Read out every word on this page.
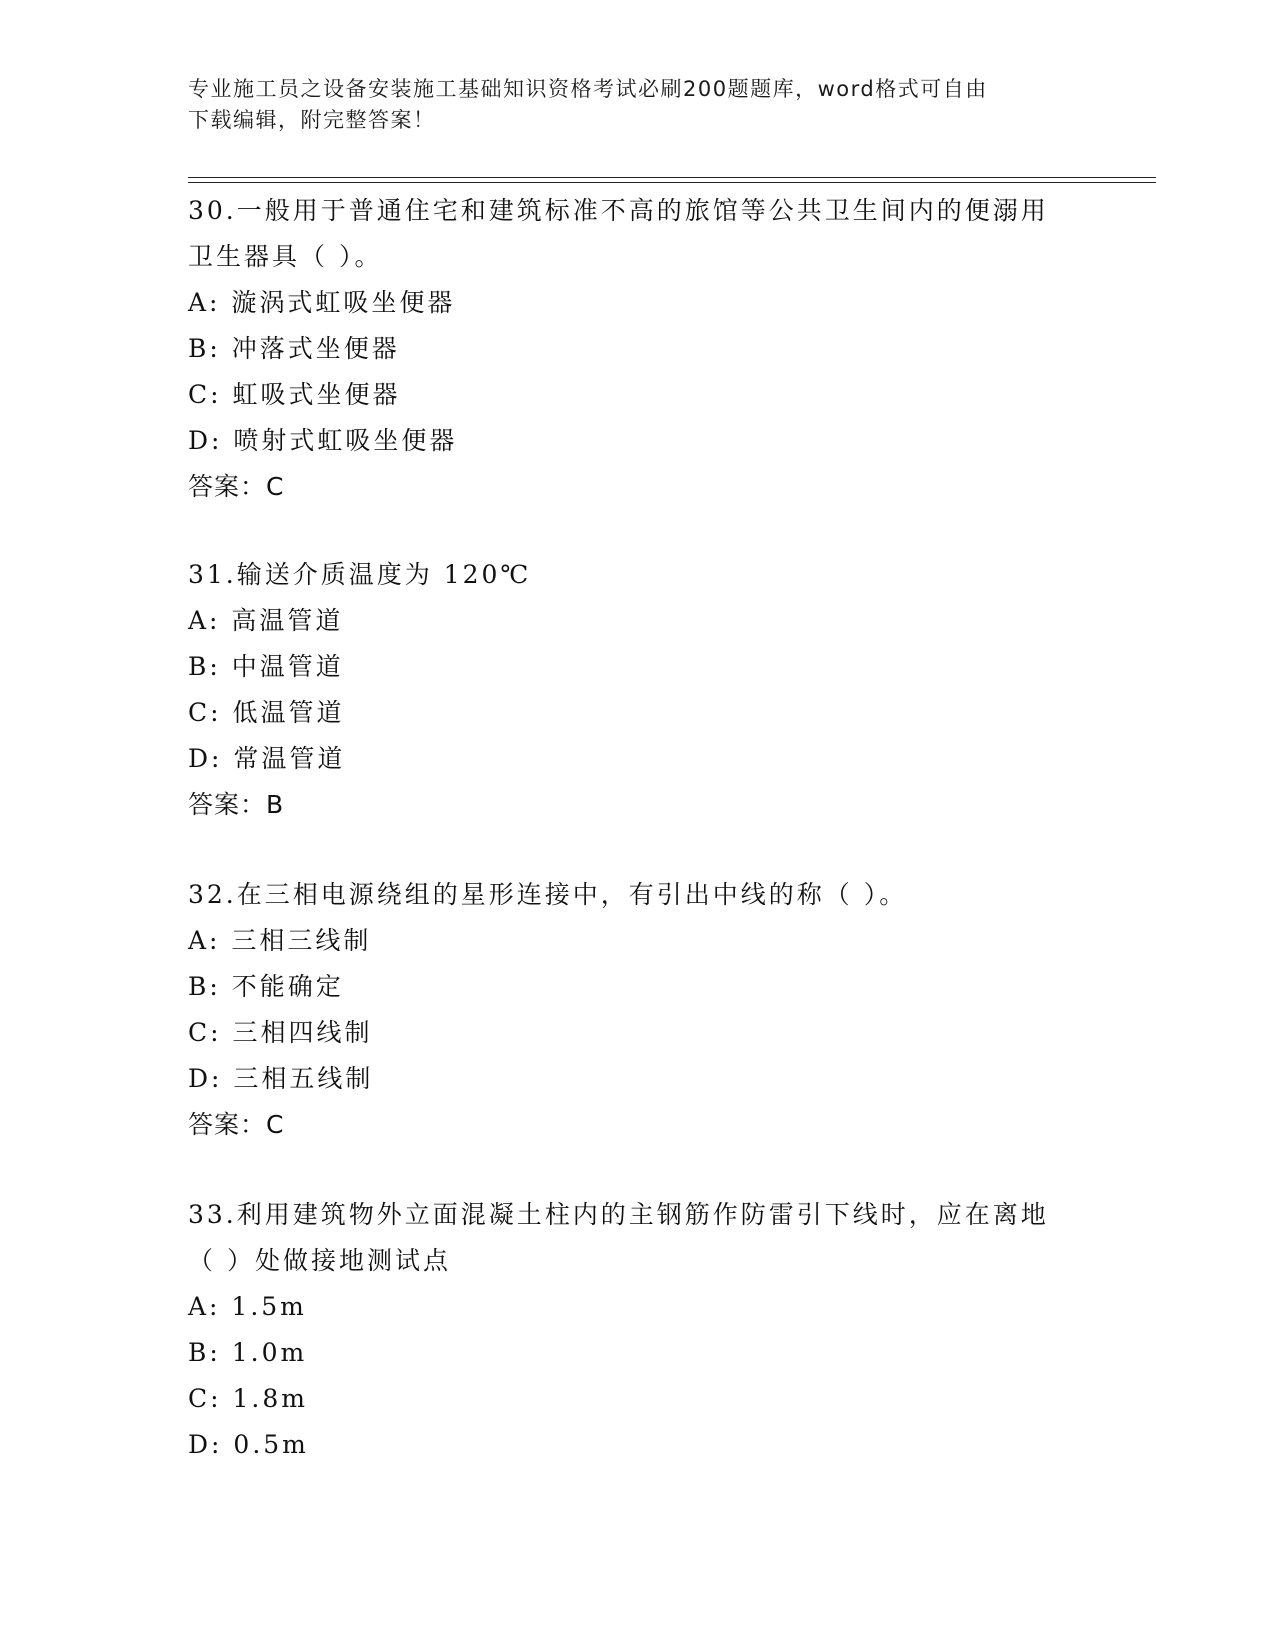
专业施工员之设备安装施工基础知识资格考试必刷200题题库，word格式可自由
下载编辑，附完整答案！
30.一般用于普通住宅和建筑标准不高的旅馆等公共卫生间内的便溺用
卫生器具（ ）。
A: 漩涡式虹吸坐便器
B: 冲落式坐便器
C: 虹吸式坐便器
D: 喷射式虹吸坐便器
答案：C
31.输送介质温度为 120℃
A: 高温管道
B: 中温管道
C: 低温管道
D: 常温管道
答案：B
32.在三相电源绕组的星形连接中，有引出中线的称（ ）。
A: 三相三线制
B: 不能确定
C: 三相四线制
D: 三相五线制
答案：C
33.利用建筑物外立面混凝土柱内的主钢筋作防雷引下线时，应在离地
（ ）处做接地测试点
A: 1.5m
B: 1.0m
C: 1.8m
D: 0.5m
